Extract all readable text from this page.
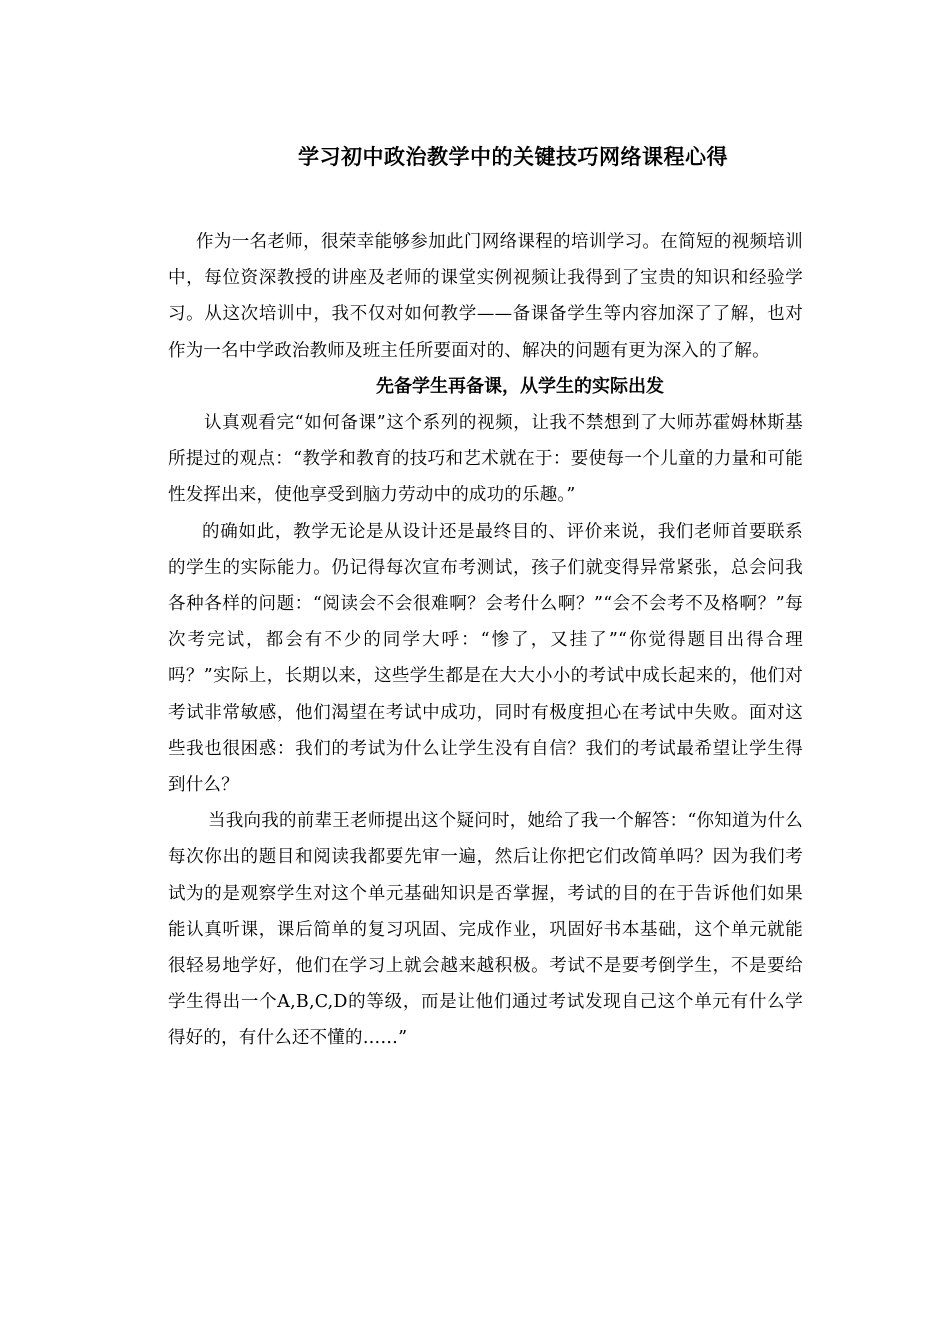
学习初中政治教学中的关键技巧网络课程心得

作为一名老师，很荣幸能够参加此门网络课程的培训学习。在简短的视频培训中，每位资深教授的讲座及老师的课堂实例视频让我得到了宝贵的知识和经验学习。从这次培训中，我不仅对如何教学——备课备学生等内容加深了了解，也对作为一名中学政治教师及班主任所要面对的、解决的问题有更为深入的了解。

先备学生再备课，从学生的实际出发

认真观看完“如何备课”这个系列的视频，让我不禁想到了大师苏霍姆林斯基所提过的观点：“教学和教育的技巧和艺术就在于：要使每一个儿童的力量和可能性发挥出来，使他享受到脑力劳动中的成功的乐趣。”

的确如此，教学无论是从设计还是最终目的、评价来说，我们老师首要联系的学生的实际能力。仍记得每次宣布考测试，孩子们就变得异常紧张，总会问我各种各样的问题：“阅读会不会很难啊？会考什么啊？”“会不会考不及格啊？”每次考完试，都会有不少的同学大呼：“惨了，又挂了”“你觉得题目出得合理吗？”实际上，长期以来，这些学生都是在大大小小的考试中成长起来的，他们对考试非常敏感，他们渴望在考试中成功，同时有极度担心在考试中失败。面对这些我也很困惑：我们的考试为什么让学生没有自信？我们的考试最希望让学生得到什么？

当我向我的前辈王老师提出这个疑问时，她给了我一个解答：“你知道为什么每次你出的题目和阅读我都要先审一遍，然后让你把它们改简单吗？因为我们考试为的是观察学生对这个单元基础知识是否掌握，考试的目的在于告诉他们如果能认真听课，课后简单的复习巩固、完成作业，巩固好书本基础，这个单元就能很轻易地学好，他们在学习上就会越来越积极。考试不是要考倒学生，不是要给学生得出一个A,B,C,D的等级，而是让他们通过考试发现自己这个单元有什么学得好的，有什么还不懂的……”
